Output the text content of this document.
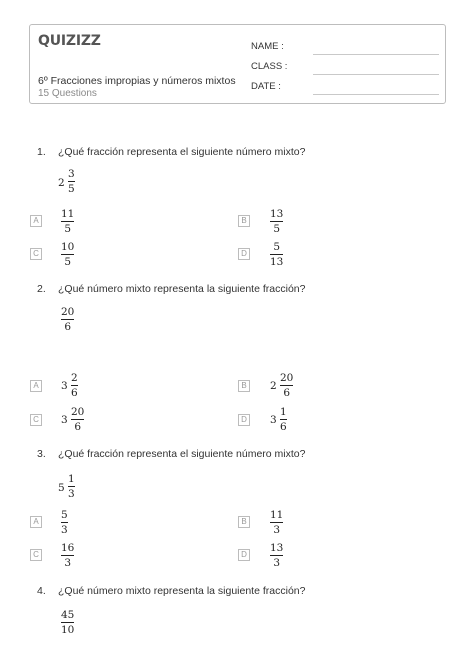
QUIZIZZ
6º Fracciones impropias y números mixtos
15 Questions
NAME :
CLASS :
DATE :
1. ¿Qué fracción representa el siguiente número mixto?
2
3
5
A
11
5
B
13
5
C
10
5
D
5
13
2. ¿Qué número mixto representa la siguiente fracción?
20
6
A	3
2
6
B	2
20
6
C 3
20
6
D 3
1
6
3. ¿Qué fracción representa el siguiente número mixto?
5
1
3
A
5
3
B
11
3
C
16
3
D
13
3
4. ¿Qué número mixto representa la siguiente fracción?
45
10
